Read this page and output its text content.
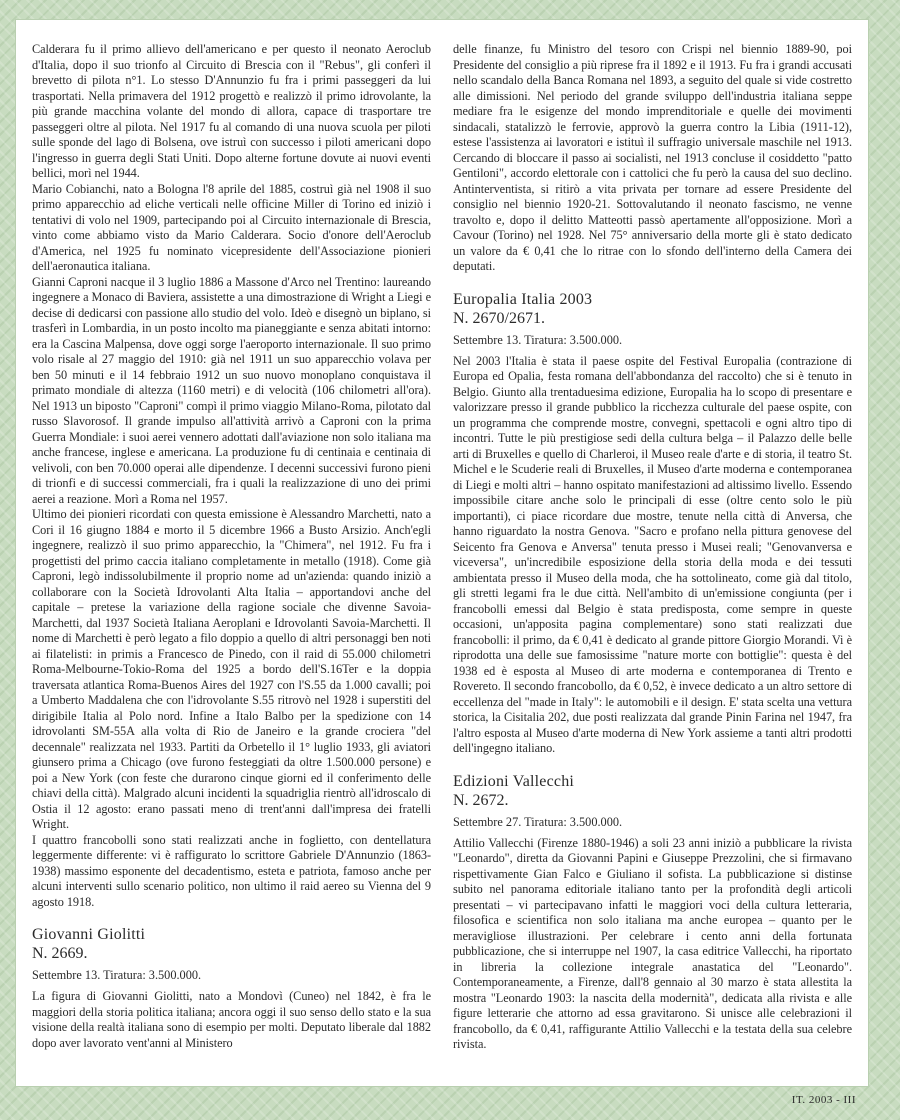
Calderara fu il primo allievo dell'americano e per questo il neonato Aeroclub d'Italia, dopo il suo trionfo al Circuito di Brescia con il "Rebus", gli conferì il brevetto di pilota n°1. Lo stesso D'Annunzio fu fra i primi passeggeri da lui trasportati. Nella primavera del 1912 progettò e realizzò il primo idrovolante, la più grande macchina volante del mondo di allora, capace di trasportare tre passeggeri oltre al pilota. Nel 1917 fu al comando di una nuova scuola per piloti sulle sponde del lago di Bolsena, ove istruì con successo i piloti americani dopo l'ingresso in guerra degli Stati Uniti. Dopo alterne fortune dovute ai nuovi eventi bellici, morì nel 1944.

Mario Cobianchi, nato a Bologna l'8 aprile del 1885, costruì già nel 1908 il suo primo apparecchio ad eliche verticali nelle officine Miller di Torino ed iniziò i tentativi di volo nel 1909, partecipando poi al Circuito internazionale di Brescia, vinto come abbiamo visto da Mario Calderara. Socio d'onore dell'Aeroclub d'America, nel 1925 fu nominato vicepresidente dell'Associazione pionieri dell'aeronautica italiana.

Gianni Caproni nacque il 3 luglio 1886 a Massone d'Arco nel Trentino: laureando ingegnere a Monaco di Baviera, assistette a una dimostrazione di Wright a Liegi e decise di dedicarsi con passione allo studio del volo. Ideò e disegnò un biplano, si trasferì in Lombardia, in un posto incolto ma pianeggiante e senza abitati intorno: era la Cascina Malpensa, dove oggi sorge l'aeroporto internazionale. Il suo primo volo risale al 27 maggio del 1910: già nel 1911 un suo apparecchio volava per ben 50 minuti e il 14 febbraio 1912 un suo nuovo monoplano conquistava il primato mondiale di altezza (1160 metri) e di velocità (106 chilometri all'ora). Nel 1913 un biposto "Caproni" compì il primo viaggio Milano-Roma, pilotato dal russo Slavorosof. Il grande impulso all'attività arrivò a Caproni con la prima Guerra Mondiale: i suoi aerei vennero adottati dall'aviazione non solo italiana ma anche francese, inglese e americana. La produzione fu di centinaia e centinaia di velivoli, con ben 70.000 operai alle dipendenze. I decenni successivi furono pieni di trionfi e di successi commerciali, fra i quali la realizzazione di uno dei primi aerei a reazione. Morì a Roma nel 1957.

Ultimo dei pionieri ricordati con questa emissione è Alessandro Marchetti, nato a Cori il 16 giugno 1884 e morto il 5 dicembre 1966 a Busto Arsizio. Anch'egli ingegnere, realizzò il suo primo apparecchio, la "Chimera", nel 1912. Fu fra i progettisti del primo caccia italiano completamente in metallo (1918). Come già Caproni, legò indissolubilmente il proprio nome ad un'azienda: quando iniziò a collaborare con la Società Idrovolanti Alta Italia – apportandovi anche del capitale – pretese la variazione della ragione sociale che divenne Savoia-Marchetti, dal 1937 Società Italiana Aeroplani e Idrovolanti Savoia-Marchetti. Il nome di Marchetti è però legato a filo doppio a quello di altri personaggi ben noti ai filatelisti: in primis a Francesco de Pinedo, con il raid di 55.000 chilometri Roma-Melbourne-Tokio-Roma del 1925 a bordo dell'S.16Ter e la doppia traversata atlantica Roma-Buenos Aires del 1927 con l'S.55 da 1.000 cavalli; poi a Umberto Maddalena che con l'idrovolante S.55 ritrovò nel 1928 i superstiti del dirigibile Italia al Polo nord. Infine a Italo Balbo per la spedizione con 14 idrovolanti SM-55A alla volta di Rio de Janeiro e la grande crociera "del decennale" realizzata nel 1933. Partiti da Orbetello il 1° luglio 1933, gli aviatori giunsero prima a Chicago (ove furono festeggiati da oltre 1.500.000 persone) e poi a New York (con feste che durarono cinque giorni ed il conferimento delle chiavi della città). Malgrado alcuni incidenti la squadriglia rientrò all'idroscalo di Ostia il 12 agosto: erano passati meno di trent'anni dall'impresa dei fratelli Wright.

I quattro francobolli sono stati realizzati anche in foglietto, con dentellatura leggermente differente: vi è raffigurato lo scrittore Gabriele D'Annunzio (1863-1938) massimo esponente del decadentismo, esteta e patriota, famoso anche per alcuni interventi sullo scenario politico, non ultimo il raid aereo su Vienna del 9 agosto 1918.

Giovanni Giolitti
N. 2669.
Settembre 13. Tiratura: 3.500.000.

La figura di Giovanni Giolitti, nato a Mondovì (Cuneo) nel 1842, è fra le maggiori della storia politica italiana; ancora oggi il suo senso dello stato e la sua visione della realtà italiana sono di esempio per molti. Deputato liberale dal 1882 dopo aver lavorato vent'anni al Ministero

delle finanze, fu Ministro del tesoro con Crispi nel biennio 1889-90, poi Presidente del consiglio a più riprese fra il 1892 e il 1913. Fu fra i grandi accusati nello scandalo della Banca Romana nel 1893, a seguito del quale si vide costretto alle dimissioni. Nel periodo del grande sviluppo dell'industria italiana seppe mediare fra le esigenze del mondo imprenditoriale e quelle dei movimenti sindacali, statalizzò le ferrovie, approvò la guerra contro la Libia (1911-12), estese l'assistenza ai lavoratori e istituì il suffragio universale maschile nel 1913. Cercando di bloccare il passo ai socialisti, nel 1913 concluse il cosiddetto "patto Gentiloni", accordo elettorale con i cattolici che fu però la causa del suo declino. Antinterventista, si ritirò a vita privata per tornare ad essere Presidente del consiglio nel biennio 1920-21. Sottovalutando il neonato fascismo, ne venne travolto e, dopo il delitto Matteotti passò apertamente all'opposizione. Morì a Cavour (Torino) nel 1928. Nel 75° anniversario della morte gli è stato dedicato un valore da € 0,41 che lo ritrae con lo sfondo dell'interno della Camera dei deputati.

Europalia Italia 2003
N. 2670/2671.
Settembre 13. Tiratura: 3.500.000.

Nel 2003 l'Italia è stata il paese ospite del Festival Europalia (contrazione di Europa ed Opalia, festa romana dell'abbondanza del raccolto) che si è tenuto in Belgio. Giunto alla trentaduesima edizione, Europalia ha lo scopo di presentare e valorizzare presso il grande pubblico la ricchezza culturale del paese ospite, con un programma che comprende mostre, convegni, spettacoli e ogni altro tipo di incontri. Tutte le più prestigiose sedi della cultura belga – il Palazzo delle belle arti di Bruxelles e quello di Charleroi, il Museo reale d'arte e di storia, il teatro St. Michel e le Scuderie reali di Bruxelles, il Museo d'arte moderna e contemporanea di Liegi e molti altri – hanno ospitato manifestazioni ad altissimo livello. Essendo impossibile citare anche solo le principali di esse (oltre cento solo le più importanti), ci piace ricordare due mostre, tenute nella città di Anversa, che hanno riguardato la nostra Genova. "Sacro e profano nella pittura genovese del Seicento fra Genova e Anversa" tenuta presso i Musei reali; "Genovanversa e viceversa", un'incredibile esposizione della storia della moda e dei tessuti ambientata presso il Museo della moda, che ha sottolineato, come già dal titolo, gli stretti legami fra le due città. Nell'ambito di un'emissione congiunta (per i francobolli emessi dal Belgio è stata predisposta, come sempre in queste occasioni, un'apposita pagina complementare) sono stati realizzati due francobolli: il primo, da € 0,41 è dedicato al grande pittore Giorgio Morandi. Vi è riprodotta una delle sue famosissime "nature morte con bottiglie": questa è del 1938 ed è esposta al Museo di arte moderna e contemporanea di Trento e Rovereto. Il secondo francobollo, da € 0,52, è invece dedicato a un altro settore di eccellenza del "made in Italy": le automobili e il design. E' stata scelta una vettura storica, la Cisitalia 202, due posti realizzata dal grande Pinin Farina nel 1947, fra l'altro esposta al Museo d'arte moderna di New York assieme a tanti altri prodotti dell'ingegno italiano.

Edizioni Vallecchi
N. 2672.
Settembre 27. Tiratura: 3.500.000.

Attilio Vallecchi (Firenze 1880-1946) a soli 23 anni iniziò a pubblicare la rivista "Leonardo", diretta da Giovanni Papini e Giuseppe Prezzolini, che si firmavano rispettivamente Gian Falco e Giuliano il sofista. La pubblicazione si distinse subito nel panorama editoriale italiano tanto per la profondità degli articoli presentati – vi partecipavano infatti le maggiori voci della cultura letteraria, filosofica e scientifica non solo italiana ma anche europea – quanto per le meravigliose illustrazioni. Per celebrare i cento anni della fortunata pubblicazione, che si interruppe nel 1907, la casa editrice Vallecchi, ha riportato in libreria la collezione integrale anastatica del "Leonardo". Contemporaneamente, a Firenze, dall'8 gennaio al 30 marzo è stata allestita la mostra "Leonardo 1903: la nascita della modernità", dedicata alla rivista e alle figure letterarie che attorno ad essa gravitarono. Si unisce alle celebrazioni il francobollo, da € 0,41, raffigurante Attilio Vallecchi e la testata della sua celebre rivista.

IT. 2003 - III
